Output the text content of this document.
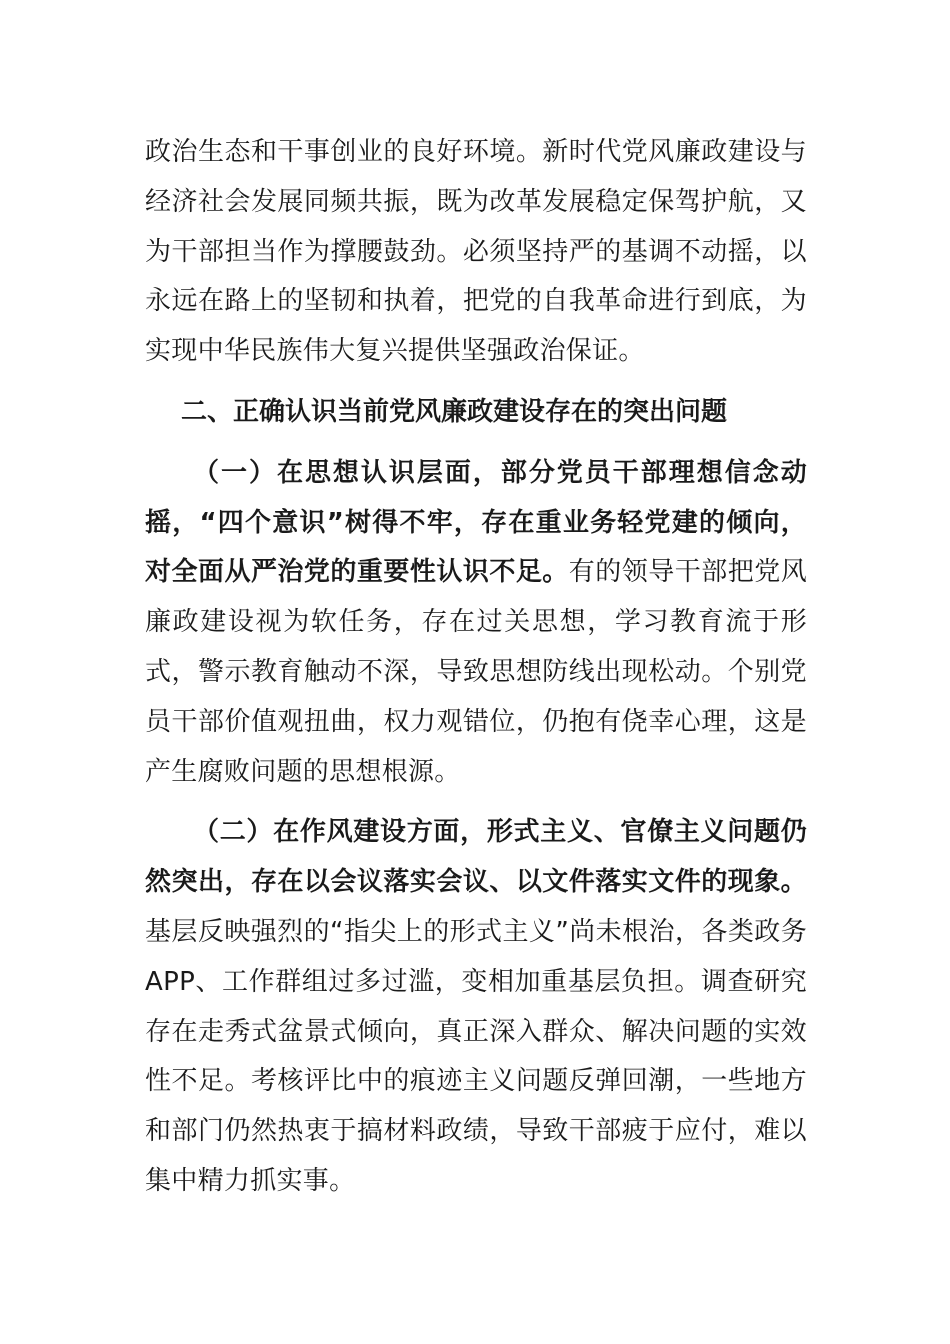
政治生态和干事创业的良好环境。新时代党风廉政建设与经济社会发展同频共振，既为改革发展稳定保驾护航，又为干部担当作为撑腰鼓劲。必须坚持严的基调不动摇，以永远在路上的坚韧和执着，把党的自我革命进行到底，为实现中华民族伟大复兴提供坚强政治保证。

二、正确认识当前党风廉政建设存在的突出问题

（一）在思想认识层面，部分党员干部理想信念动摇，“四个意识”树得不牢，存在重业务轻党建的倾向，对全面从严治党的重要性认识不足。有的领导干部把党风廉政建设视为软任务，存在过关思想，学习教育流于形式，警示教育触动不深，导致思想防线出现松动。个别党员干部价值观扭曲，权力观错位，仍抱有侥幸心理，这是产生腐败问题的思想根源。

（二）在作风建设方面，形式主义、官僚主义问题仍然突出，存在以会议落实会议、以文件落实文件的现象。基层反映强烈的“指尖上的形式主义”尚未根治，各类政务APP、工作群组过多过滥，变相加重基层负担。调查研究存在走秀式盆景式倾向，真正深入群众、解决问题的实效性不足。考核评比中的痕迹主义问题反弹回潮，一些地方和部门仍然热衷于搞材料政绩，导致干部疲于应付，难以集中精力抓实事。
